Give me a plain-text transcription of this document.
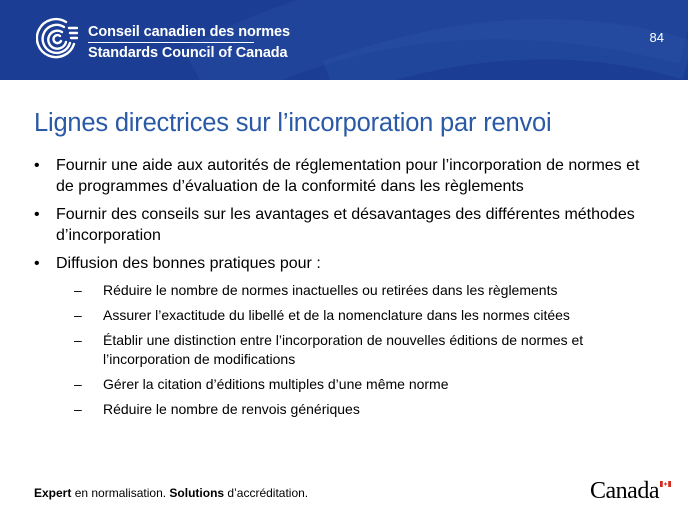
Conseil canadien des normes
Standards Council of Canada
84
Lignes directrices sur l’incorporation par renvoi
• Fournir une aide aux autorités de réglementation pour l’incorporation de normes et de programmes d’évaluation de la conformité dans les règlements
• Fournir des conseils sur les avantages et désavantages des différentes méthodes d’incorporation
• Diffusion des bonnes pratiques pour :
– Réduire le nombre de normes inactuelles ou retirées dans les règlements
– Assurer l’exactitude du libellé et de la nomenclature dans les normes citées
– Établir une distinction entre l’incorporation de nouvelles éditions de normes et l’incorporation de modifications
– Gérer la citation d’éditions multiples d’une même norme
– Réduire le nombre de renvois génériques
Expert en normalisation. Solutions d’accréditation.	Canada
